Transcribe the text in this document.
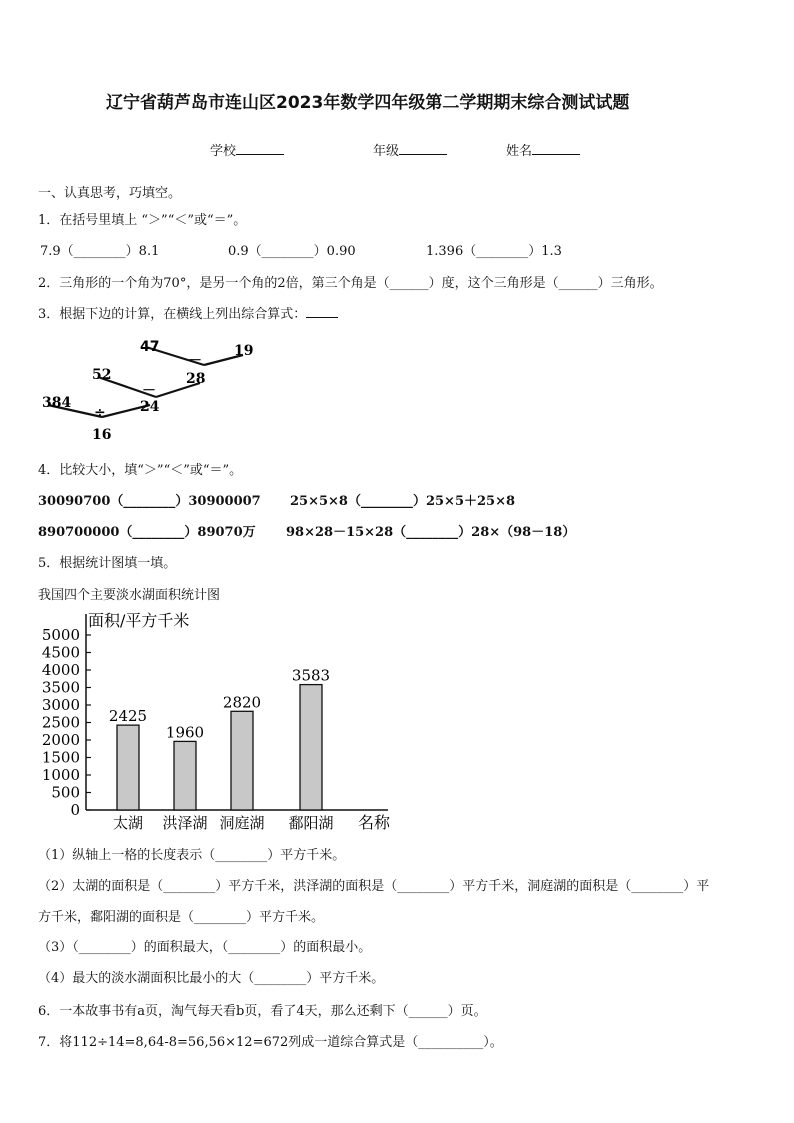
辽宁省葫芦岛市连山区2023年数学四年级第二学期期末综合测试试题
学校	年级	姓名
一、认真思考，巧填空。
1．在括号里填上 “＞”“＜”或“＝”。
7.9（________）8.1	0.9（________）0.90	1.396（________）1.3
2．三角形的一个角为70°，是另一个角的2倍，第三个角是（______）度，这个三角形是（______）三角形。
3．根据下边的计算，在横线上列出综合算式：
47
－
19
28
52
－
24
384
÷
16
4．比较大小，填“＞”“＜”或“＝”。
30090700（________）30900007 25×5×8（________）25×5＋25×8
890700000（________）89070万 98×28－15×28（________）28×（98－18）
5．根据统计图填一填。
我国四个主要淡水湖面积统计图
0
500
1000
1500
2000
2500
3000
3500
4000
4500
5000
2425
1960
2820
3583
太湖 洪泽湖 洞庭湖 鄱阳湖
面积/平方千米
名称
（1）纵轴上一格的长度表示（________）平方千米。
（2）太湖的面积是（________）平方千米，洪泽湖的面积是（________）平方千米，洞庭湖的面积是（________）平
方千米，鄱阳湖的面积是（________）平方千米。
（3）（________）的面积最大，（________）的面积最小。
（4）最大的淡水湖面积比最小的大（________）平方千米。
6．一本故事书有a页，淘气每天看b页，看了4天，那么还剩下（______）页。
7．将112÷14=8,64-8=56,56×12=672列成一道综合算式是（__________）。
